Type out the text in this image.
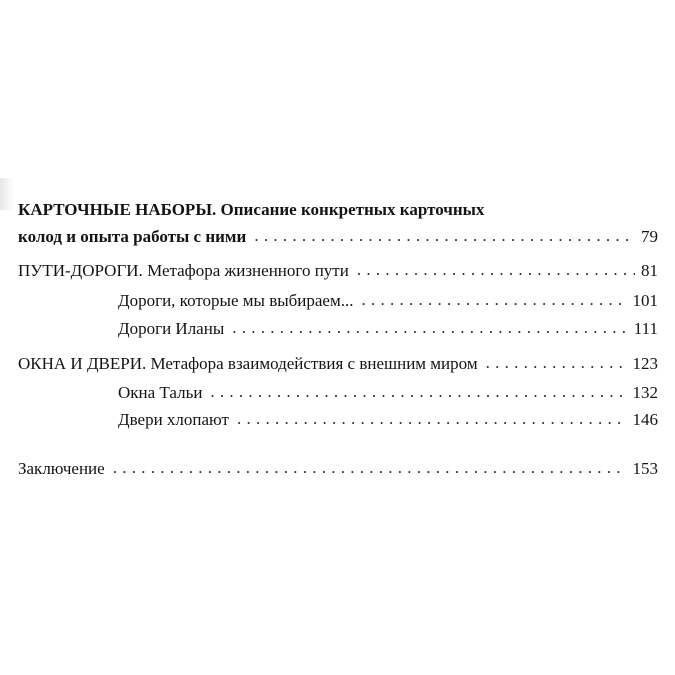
КАРТОЧНЫЕ НАБОРЫ. Описание конкретных карточных
колод и опыта работы с ними . . .	79
ПУТИ-ДОРОГИ. Метафора жизненного пути . . .	81
Дороги, которые мы выбираем... . . .	101
Дороги Иланы . . .	111
ОКНА И ДВЕРИ. Метафора взаимодействия с внешним миром . . .	123
Окна Тальи . . .	132
Двери хлопают . . .	146
Заключение . . .	153
